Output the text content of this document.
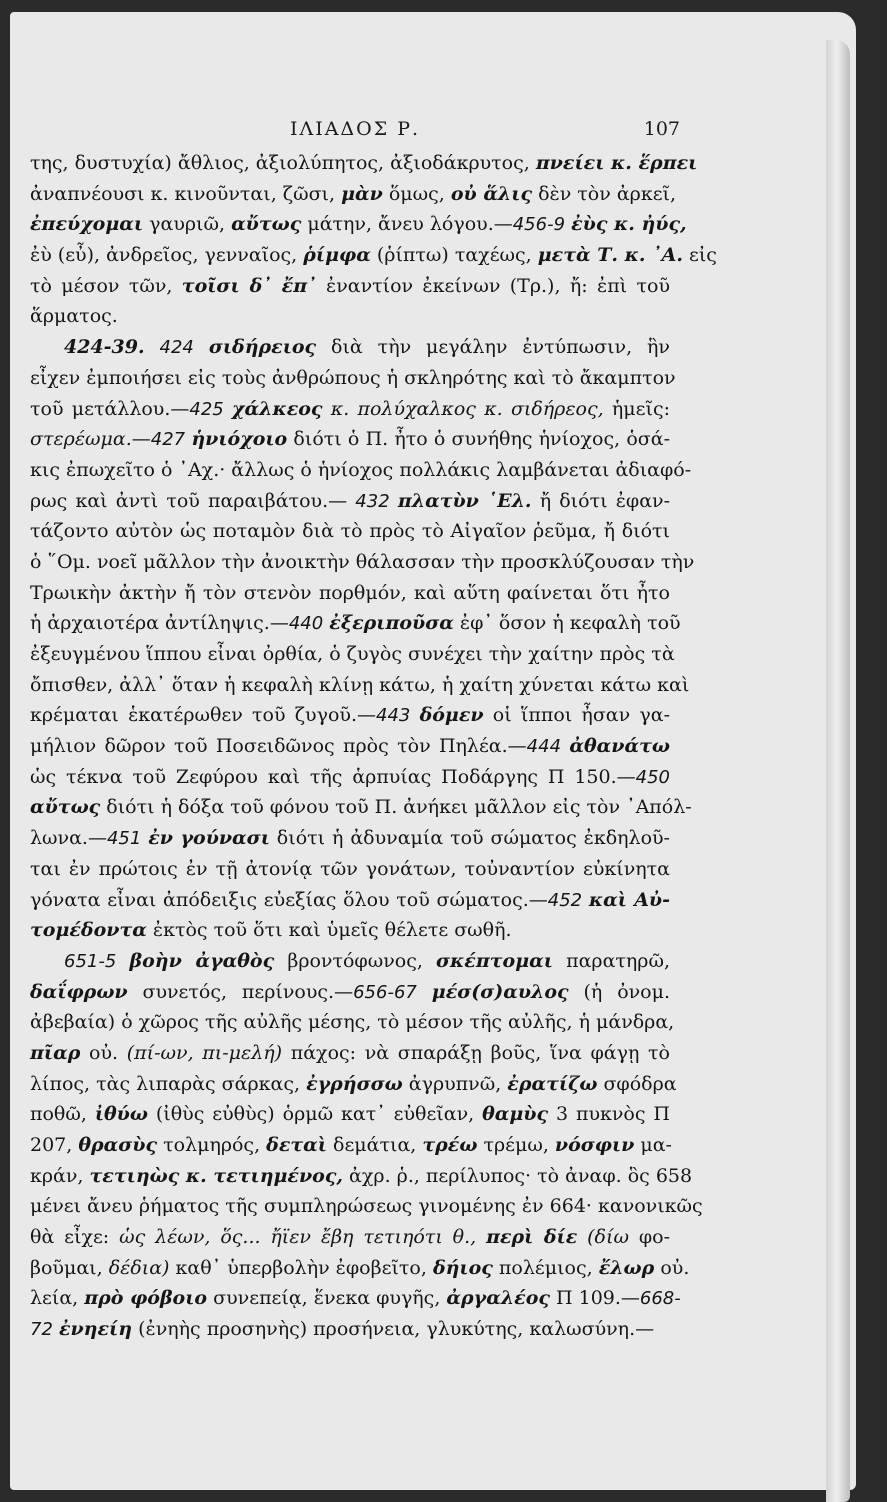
ΙΛΙΑΔΟΣ Ρ.	107
της, δυστυχία) ἄθλιος, ἀξιολύπητος, ἀξιοδάκρυτος, πνείει κ. ἕρπει
ἀναπνέουσι κ. κινοῦνται, ζῶσι, μὰν ὅμως, οὐ ἅλις δὲν τὸν ἀρκεῖ,
ἐπεύχομαι γαυριῶ, αὔτως μάτην, ἄνευ λόγου.—456-9 ἐὺς κ. ἠύς,
ἐὺ (εὖ), ἀνδρεῖος, γενναῖος, ῥίμφα (ῥίπτω) ταχέως, μετὰ Τ. κ. ᾿Α. εἰς
τὸ μέσον τῶν, τοῖσι δ᾿ ἔπ᾿ ἐναντίον ἐκείνων (Τρ.), ἤ: ἐπὶ τοῦ
ἅρματος.
424-39. 424 σιδήρειος διὰ τὴν μεγάλην ἐντύπωσιν, ἣν
εἶχεν ἐμποιήσει εἰς τοὺς ἀνθρώπους ἡ σκληρότης καὶ τὸ ἄκαμπτον
τοῦ μετάλλου.—425 χάλκεος κ. πολύχαλκος κ. σιδήρεος, ἡμεῖς:
στερέωμα.—427 ἡνιόχοιο διότι ὁ Π. ἦτο ὁ συνήθης ἡνίοχος, ὁσά-
κις ἐπωχεῖτο ὁ ᾿Αχ.· ἄλλως ὁ ἡνίοχος πολλάκις λαμβάνεται ἀδιαφό-
ρως καὶ ἀντὶ τοῦ παραιβάτου.— 432 πλατὺν ῾Ελ. ἤ διότι ἐφαν-
τάζοντο αὐτὸν ὡς ποταμὸν διὰ τὸ πρὸς τὸ Αἰγαῖον ῥεῦμα, ἤ διότι
ὁ ῞Ομ. νοεῖ μᾶλλον τὴν ἀνοικτὴν θάλασσαν τὴν προσκλύζουσαν τὴν
Τρωικὴν ἀκτὴν ἤ τὸν στενὸν πορθμόν, καὶ αὕτη φαίνεται ὅτι ἦτο
ἡ ἀρχαιοτέρα ἀντίληψις.—440 ἐξεριποῦσα ἐφ᾿ ὅσον ἡ κεφαλὴ τοῦ
ἐξευγμένου ἵππου εἶναι ὀρθία, ὁ ζυγὸς συνέχει τὴν χαίτην πρὸς τὰ
ὄπισθεν, ἀλλ᾿ ὅταν ἡ κεφαλὴ κλίνῃ κάτω, ἡ χαίτη χύνεται κάτω καὶ
κρέμαται ἑκατέρωθεν τοῦ ζυγοῦ.—443 δόμεν οἱ ἵπποι ἦσαν γα-
μήλιον δῶρον τοῦ Ποσειδῶνος πρὸς τὸν Πηλέα.—444 ἀθανάτω
ὡς τέκνα τοῦ Ζεφύρου καὶ τῆς ἁρπυίας Ποδάργης Π 150.—450
αὔτως διότι ἡ δόξα τοῦ φόνου τοῦ Π. ἀνήκει μᾶλλον εἰς τὸν ᾿Απόλ-
λωνα.—451 ἐν γούνασι διότι ἡ ἀδυναμία τοῦ σώματος ἐκδηλοῦ-
ται ἐν πρώτοις ἐν τῇ ἀτονίᾳ τῶν γονάτων, τοὐναντίον εὐκίνητα
γόνατα εἶναι ἀπόδειξις εὐεξίας ὅλου τοῦ σώματος.—452 καὶ Αὐ-
τομέδοντα ἐκτὸς τοῦ ὅτι καὶ ὑμεῖς θέλετε σωθῆ.
651-5 βοὴν ἀγαθὸς βροντόφωνος, σκέπτομαι παρατηρῶ,
δαΐφρων συνετός, περίνους.—656-67 μέσ(σ)αυλος (ἡ ὀνομ.
ἀβεβαία) ὁ χῶρος τῆς αὐλῆς μέσης, τὸ μέσον τῆς αὐλῆς, ἡ μάνδρα,
πῖαρ οὐ. (πί-ων, πι-μελή) πάχος: νὰ σπαράξῃ βοῦς, ἵνα φάγῃ τὸ
λίπος, τὰς λιπαρὰς σάρκας, ἐγρήσσω ἀγρυπνῶ, ἐρατίζω σφόδρα
ποθῶ, ἰθύω (ἰθὺς εὐθὺς) ὁρμῶ κατ᾿ εὐθεῖαν, θαμὺς 3 πυκνὸς Π
207, θρασὺς τολμηρός, δεταὶ δεμάτια, τρέω τρέμω, νόσφιν μα-
κράν, τετιηὼς κ. τετιημένος, ἀχρ. ῥ., περίλυπος· τὸ ἀναφ. ὃς 658
μένει ἄνευ ῥήματος τῆς συμπληρώσεως γινομένης ἐν 664· κανονικῶς
θὰ εἶχε: ὡς λέων, ὅς... ἤϊεν ἔβη τετιηότι θ., περὶ δίε (δίω φο-
βοῦμαι, δέδια) καθ᾿ ὑπερβολὴν ἐφοβεῖτο, δήιος πολέμιος, ἔλωρ οὐ.
λεία, πρὸ φόβοιο συνεπείᾳ, ἕνεκα φυγῆς, ἀργαλέος Π 109.—668-
72 ἐνηείη (ἐνηὴς προσηνὴς) προσήνεια, γλυκύτης, καλωσύνη.—
